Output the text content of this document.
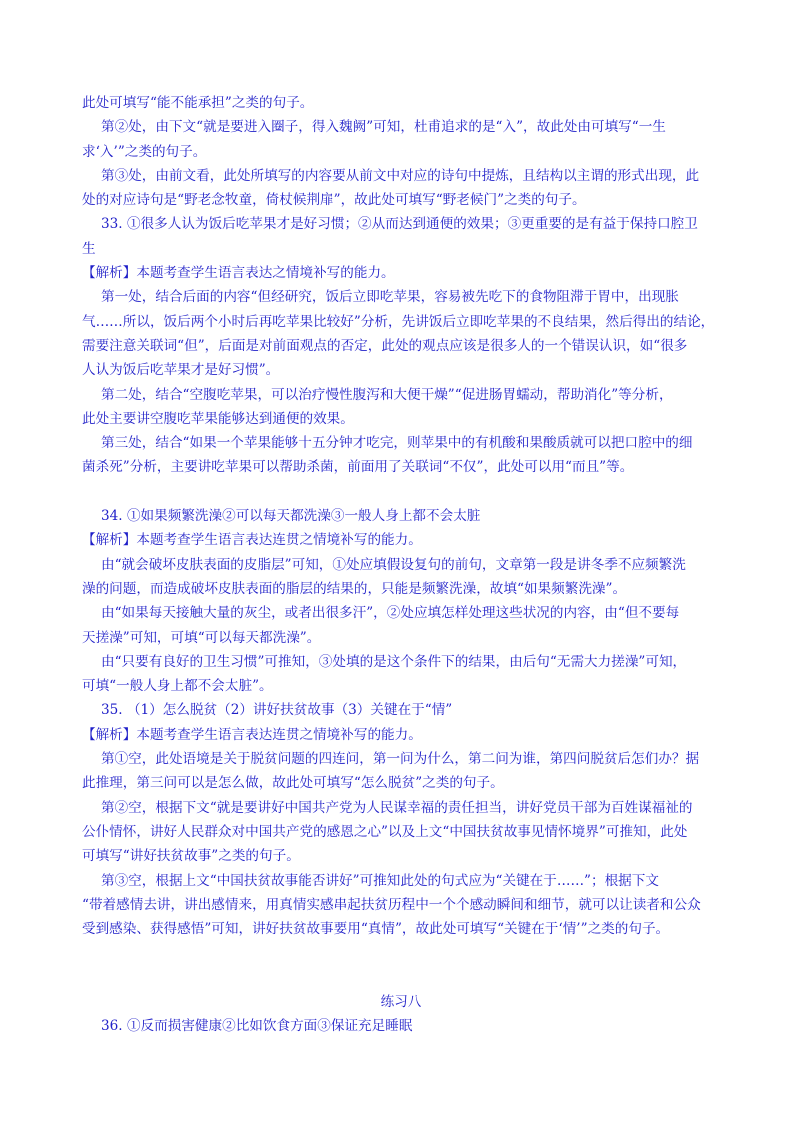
此处可填写“能不能承担”之类的句子。
第②处，由下文“就是要进入圈子，得入魏阙”可知，杜甫追求的是“入”，故此处由可填写“一生
求‘入’”之类的句子。
第③处，由前文看，此处所填写的内容要从前文中对应的诗句中提炼，且结构以主谓的形式出现，此
处的对应诗句是“野老念牧童，倚杖候荆扉”，故此处可填写“野老候门”之类的句子。
33. ①很多人认为饭后吃苹果才是好习惯；②从而达到通便的效果；③更重要的是有益于保持口腔卫
生
【解析】本题考查学生语言表达之情境补写的能力。
第一处，结合后面的内容“但经研究，饭后立即吃苹果，容易被先吃下的食物阻滞于胃中，出现胀
气……所以，饭后两个小时后再吃苹果比较好”分析，先讲饭后立即吃苹果的不良结果，然后得出的结论，
需要注意关联词“但”，后面是对前面观点的否定，此处的观点应该是很多人的一个错误认识，如“很多
人认为饭后吃苹果才是好习惯”。
第二处，结合“空腹吃苹果，可以治疗慢性腹泻和大便干燥”“促进肠胃蠕动，帮助消化”等分析，
此处主要讲空腹吃苹果能够达到通便的效果。
第三处，结合“如果一个苹果能够十五分钟才吃完，则苹果中的有机酸和果酸质就可以把口腔中的细
菌杀死”分析，主要讲吃苹果可以帮助杀菌，前面用了关联词“不仅”，此处可以用“而且”等。
34. ①如果频繁洗澡②可以每天都洗澡③一般人身上都不会太脏
【解析】本题考查学生语言表达连贯之情境补写的能力。
由“就会破坏皮肤表面的皮脂层”可知，①处应填假设复句的前句，文章第一段是讲冬季不应频繁洗
澡的问题，而造成破坏皮肤表面的脂层的结果的，只能是频繁洗澡，故填“如果频繁洗澡”。
由“如果每天接触大量的灰尘，或者出很多汗”，②处应填怎样处理这些状况的内容，由“但不要每
天搓澡”可知，可填“可以每天都洗澡”。
由“只要有良好的卫生习惯”可推知，③处填的是这个条件下的结果，由后句“无需大力搓澡”可知，
可填“一般人身上都不会太脏”。
35. （1）怎么脱贫（2）讲好扶贫故事（3）关键在于“情”
【解析】本题考查学生语言表达连贯之情境补写的能力。
第①空，此处语境是关于脱贫问题的四连问，第一问为什么，第二问为谁，第四问脱贫后怎们办？据
此推理，第三问可以是怎么做，故此处可填写“怎么脱贫”之类的句子。
第②空，根据下文“就是要讲好中国共产党为人民谋幸福的责任担当，讲好党员干部为百姓谋福祉的
公仆情怀，讲好人民群众对中国共产党的感恩之心”以及上文“中国扶贫故事见情怀境界”可推知，此处
可填写“讲好扶贫故事”之类的句子。
第③空，根据上文“中国扶贫故事能否讲好”可推知此处的句式应为“关键在于……”；根据下文
“带着感情去讲，讲出感情来，用真情实感串起扶贫历程中一个个感动瞬间和细节，就可以让读者和公众
受到感染、获得感悟”可知，讲好扶贫故事要用“真情”，故此处可填写“关键在于‘情’”之类的句子。
练习八
36. ①反而损害健康②比如饮食方面③保证充足睡眠
